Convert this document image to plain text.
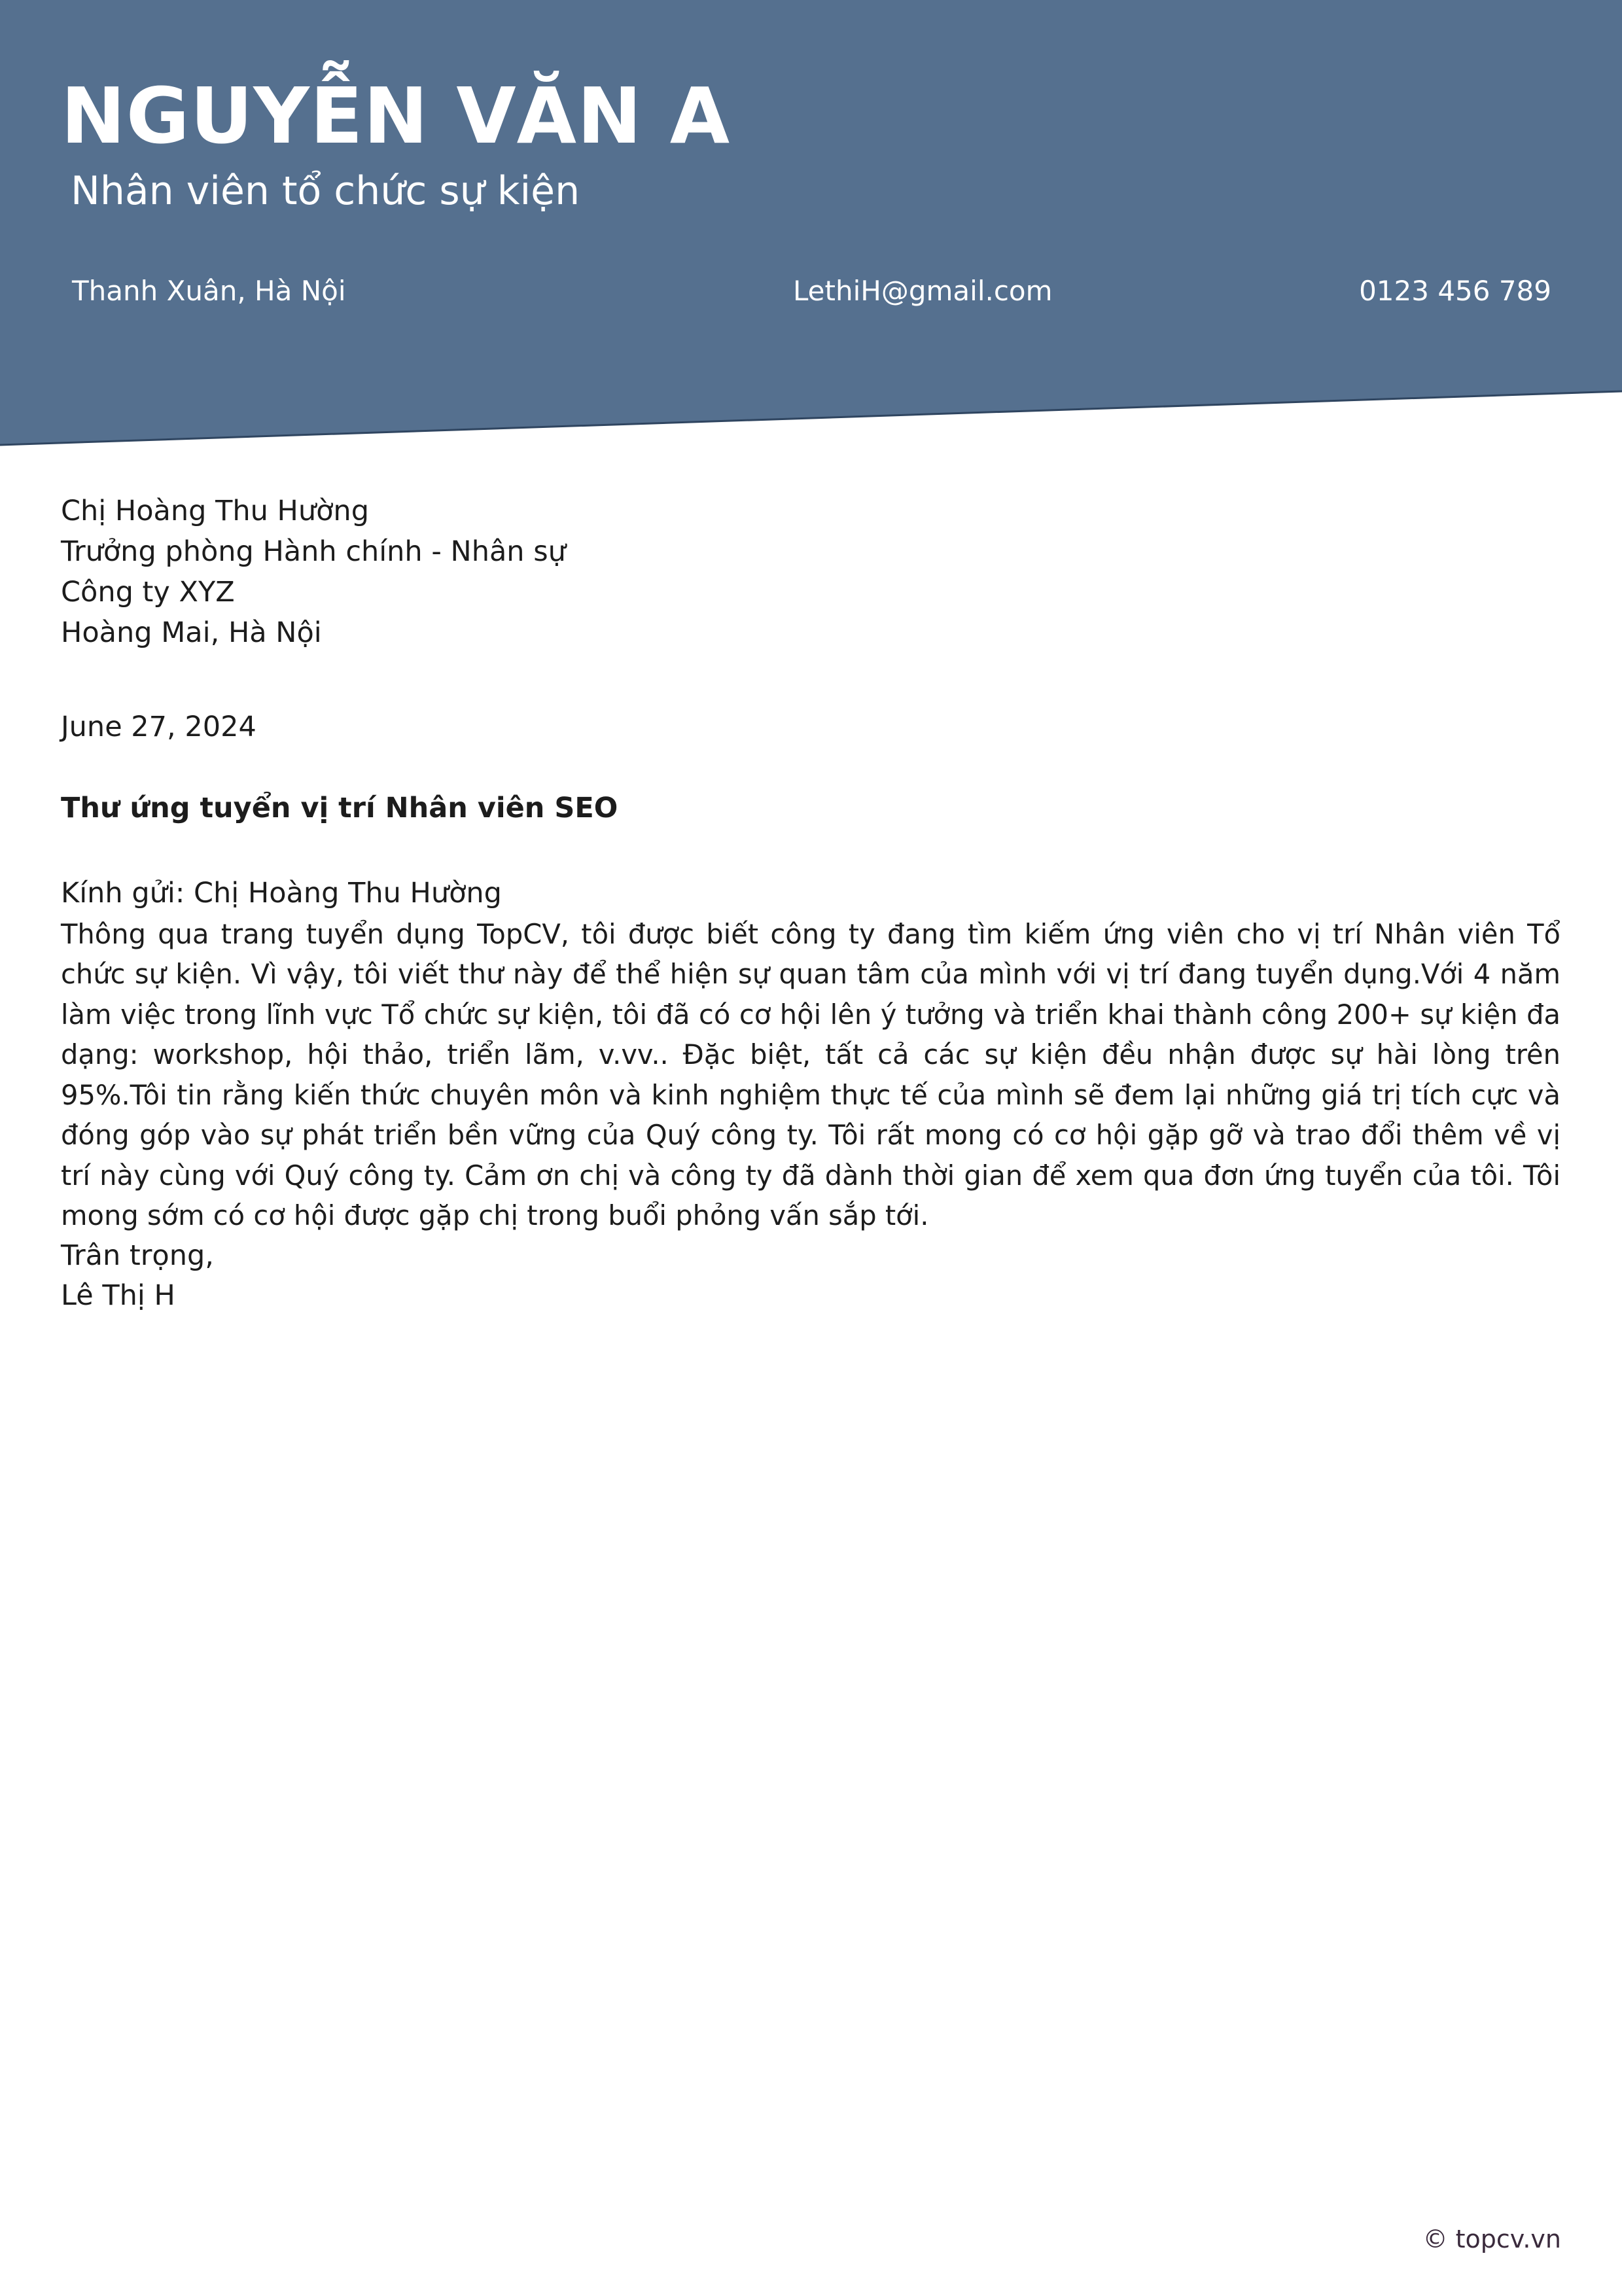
NGUYỄN VĂN A
Nhân viên tổ chức sự kiện
Thanh Xuân, Hà Nội	LethiH@gmail.com	0123 456 789
Chị Hoàng Thu Hường
Trưởng phòng Hành chính - Nhân sự
Công ty XYZ
Hoàng Mai, Hà Nội
June 27, 2024
Thư ứng tuyển vị trí Nhân viên SEO

Kính gửi: Chị Hoàng Thu Hường

Thông qua trang tuyển dụng TopCV, tôi được biết công ty đang tìm kiếm ứng viên cho vị trí Nhân viên Tổ chức sự kiện. Vì vậy, tôi viết thư này để thể hiện sự quan tâm của mình với vị trí đang tuyển dụng.Với 4 năm làm việc trong lĩnh vực Tổ chức sự kiện, tôi đã có cơ hội lên ý tưởng và triển khai thành công 200+ sự kiện đa dạng: workshop, hội thảo, triển lãm, v.vv.. Đặc biệt, tất cả các sự kiện đều nhận được sự hài lòng trên 95%.Tôi tin rằng kiến thức chuyên môn và kinh nghiệm thực tế của mình sẽ đem lại những giá trị tích cực và đóng góp vào sự phát triển bền vững của Quý công ty. Tôi rất mong có cơ hội gặp gỡ và trao đổi thêm về vị trí này cùng với Quý công ty. Cảm ơn chị và công ty đã dành thời gian để xem qua đơn ứng tuyển của tôi. Tôi mong sớm có cơ hội được gặp chị trong buổi phỏng vấn sắp tới.

Trân trọng,

Lê Thị H

© topcv.vn
